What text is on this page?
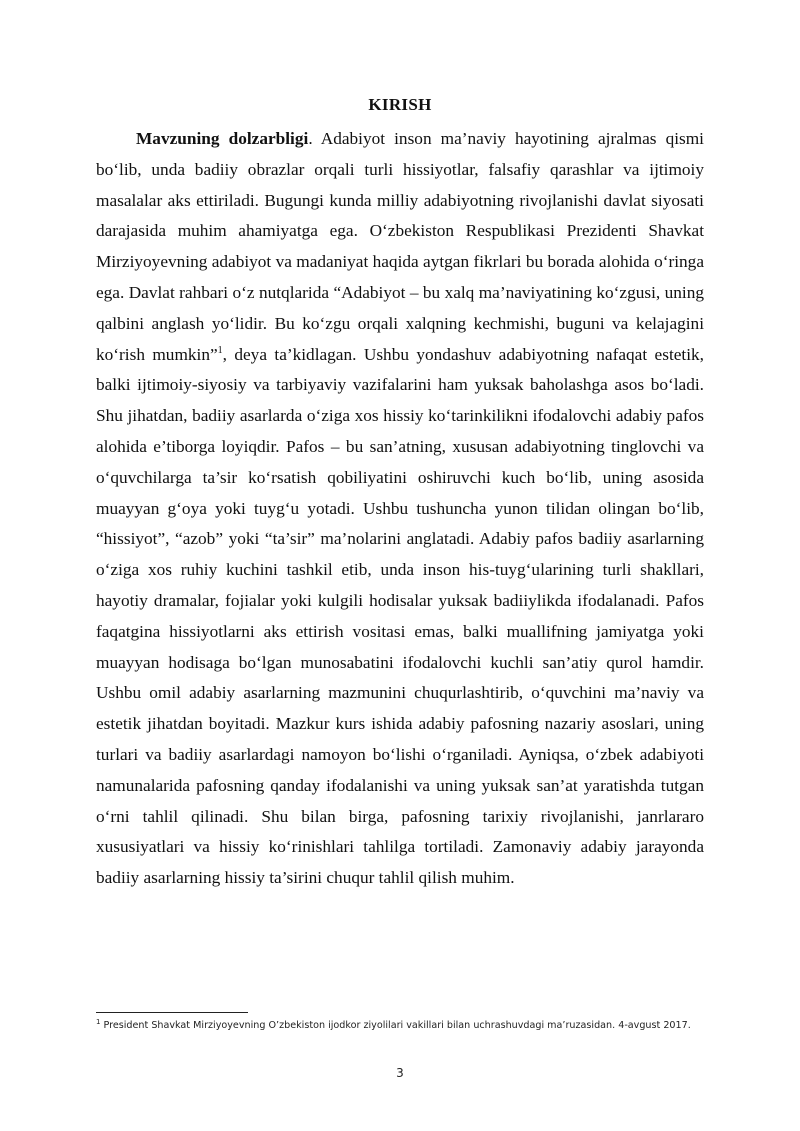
KIRISH

Mavzuning dolzarbligi. Adabiyot inson ma’naviy hayotining ajralmas qismi bo‘lib, unda badiiy obrazlar orqali turli hissiyotlar, falsafiy qarashlar va ijtimoiy masalalar aks ettiriladi. Bugungi kunda milliy adabiyotning rivojlanishi davlat siyosati darajasida muhim ahamiyatga ega. O‘zbekiston Respublikasi Prezidenti Shavkat Mirziyoyevning adabiyot va madaniyat haqida aytgan fikrlari bu borada alohida o‘ringa ega. Davlat rahbari o‘z nutqlarida “Adabiyot – bu xalq ma’naviyatining ko‘zgusi, uning qalbini anglash yo‘lidir. Bu ko‘zgu orqali xalqning kechmishi, buguni va kelajagini ko‘rish mumkin”$^1$, deya ta’kidlagan. Ushbu yondashuv adabiyotning nafaqat estetik, balki ijtimoiy-siyosiy va tarbiyaviy vazifalarini ham yuksak baholashga asos bo‘ladi. Shu jihatdan, badiiy asarlarda o‘ziga xos hissiy ko‘tarinkilikni ifodalovchi adabiy pafos alohida e’tiborga loyiqdir. Pafos – bu san’atning, xususan adabiyotning tinglovchi va o‘quvchilarga ta’sir ko‘rsatish qobiliyatini oshiruvchi kuch bo‘lib, uning asosida muayyan g‘oya yoki tuyg‘u yotadi. Ushbu tushuncha yunon tilidan olingan bo‘lib, “hissiyot”, “azob” yoki “ta’sir” ma’nolarini anglatadi. Adabiy pafos badiiy asarlarning o‘ziga xos ruhiy kuchini tashkil etib, unda inson his-tuyg‘ularining turli shakllari, hayotiy dramalar, fojialar yoki kulgili hodisalar yuksak badiiylikda ifodalanadi. Pafos faqatgina hissiyotlarni aks ettirish vositasi emas, balki muallifning jamiyatga yoki muayyan hodisaga bo‘lgan munosabatini ifodalovchi kuchli san’atiy qurol hamdir. Ushbu omil adabiy asarlarning mazmunini chuqurlashtirib, o‘quvchini ma’naviy va estetik jihatdan boyitadi. Mazkur kurs ishida adabiy pafosning nazariy asoslari, uning turlari va badiiy asarlardagi namoyon bo‘lishi o‘rganiladi. Ayniqsa, o‘zbek adabiyoti namunalarida pafosning qanday ifodalanishi va uning yuksak san’at yaratishda tutgan o‘rni tahlil qilinadi. Shu bilan birga, pafosning tarixiy rivojlanishi, janrlararo xususiyatlari va hissiy ko‘rinishlari tahlilga tortiladi. Zamonaviy adabiy jarayonda badiiy asarlarning hissiy ta’sirini chuqur tahlil qilish muhim.

$^1$ President Shavkat Mirziyoyevning O’zbekiston ijodkor ziyolilari vakillari bilan uchrashuvdagi ma’ruzasidan. 4-avgust 2017.
3
